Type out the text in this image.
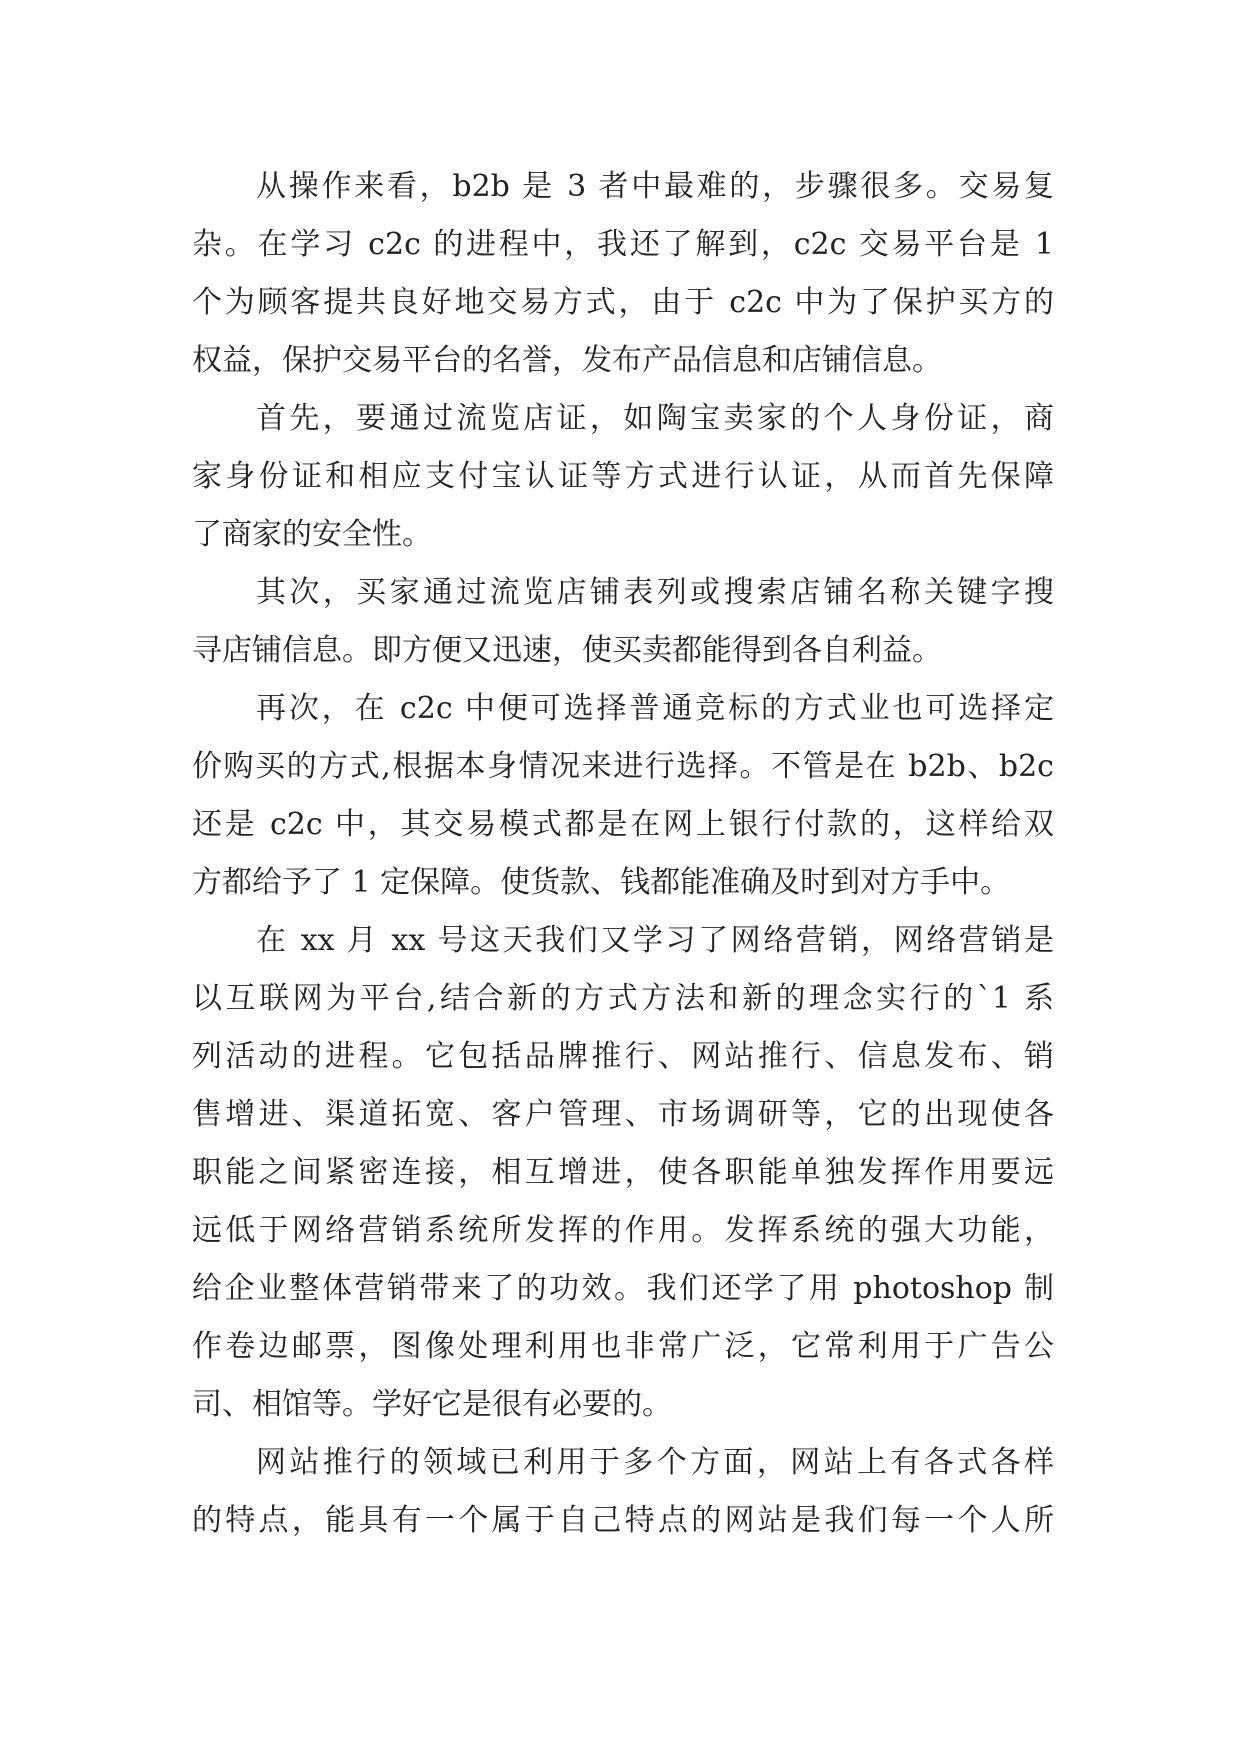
从操作来看，b2b 是 3 者中最难的，步骤很多。交易复
杂。在学习 c2c 的进程中，我还了解到，c2c 交易平台是 1
个为顾客提共良好地交易方式，由于 c2c 中为了保护买方的
权益，保护交易平台的名誉，发布产品信息和店铺信息。
首先，要通过流览店证，如陶宝卖家的个人身份证，商
家身份证和相应支付宝认证等方式进行认证，从而首先保障
了商家的安全性。
其次，买家通过流览店铺表列或搜索店铺名称关键字搜
寻店铺信息。即方便又迅速，使买卖都能得到各自利益。
再次，在 c2c 中便可选择普通竞标的方式业也可选择定
价购买的方式,根据本身情况来进行选择。不管是在 b2b、b2c
还是 c2c 中，其交易模式都是在网上银行付款的，这样给双
方都给予了 1 定保障。使货款、钱都能准确及时到对方手中。
在 xx 月 xx 号这天我们又学习了网络营销，网络营销是
以互联网为平台,结合新的方式方法和新的理念实行的`1 系
列活动的进程。它包括品牌推行、网站推行、信息发布、销
售增进、渠道拓宽、客户管理、市场调研等，它的出现使各
职能之间紧密连接，相互增进，使各职能单独发挥作用要远
远低于网络营销系统所发挥的作用。发挥系统的强大功能，
给企业整体营销带来了的功效。我们还学了用 photoshop 制
作卷边邮票，图像处理利用也非常广泛，它常利用于广告公
司、相馆等。学好它是很有必要的。
网站推行的领域已利用于多个方面，网站上有各式各样
的特点，能具有一个属于自己特点的网站是我们每一个人所
